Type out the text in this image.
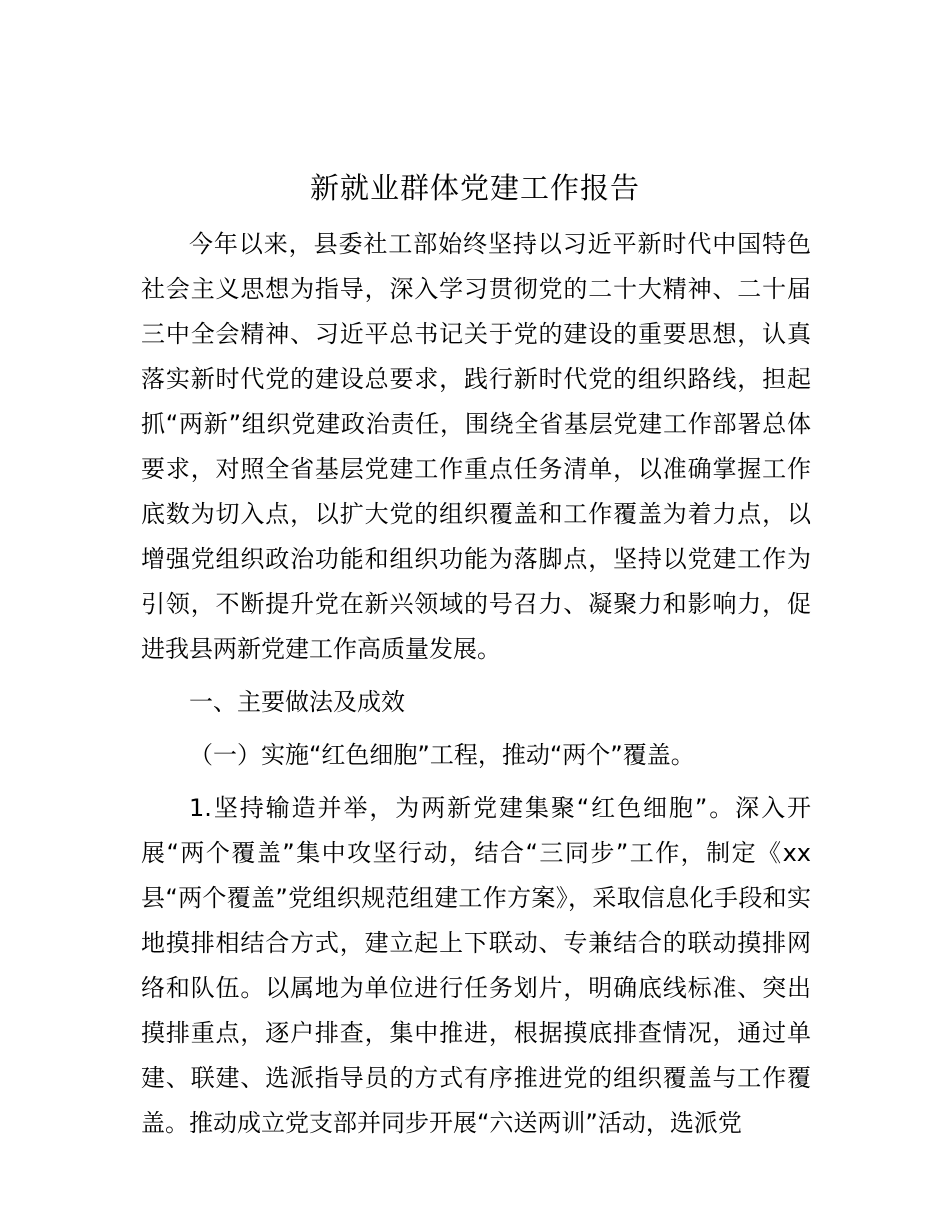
新就业群体党建工作报告

今年以来，县委社工部始终坚持以习近平新时代中国特色社会主义思想为指导，深入学习贯彻党的二十大精神、二十届三中全会精神、习近平总书记关于党的建设的重要思想，认真落实新时代党的建设总要求，践行新时代党的组织路线，担起抓“两新”组织党建政治责任，围绕全省基层党建工作部署总体要求，对照全省基层党建工作重点任务清单，以准确掌握工作底数为切入点，以扩大党的组织覆盖和工作覆盖为着力点，以增强党组织政治功能和组织功能为落脚点，坚持以党建工作为引领，不断提升党在新兴领域的号召力、凝聚力和影响力，促进我县两新党建工作高质量发展。

一、主要做法及成效

（一）实施“红色细胞”工程，推动“两个”覆盖。

1.坚持输造并举，为两新党建集聚“红色细胞”。深入开展“两个覆盖”集中攻坚行动，结合“三同步”工作，制定《xx县“两个覆盖”党组织规范组建工作方案》，采取信息化手段和实地摸排相结合方式，建立起上下联动、专兼结合的联动摸排网络和队伍。以属地为单位进行任务划片，明确底线标准、突出摸排重点，逐户排查，集中推进，根据摸底排查情况，通过单建、联建、选派指导员的方式有序推进党的组织覆盖与工作覆盖。推动成立党支部并同步开展“六送两训”活动，选派党
